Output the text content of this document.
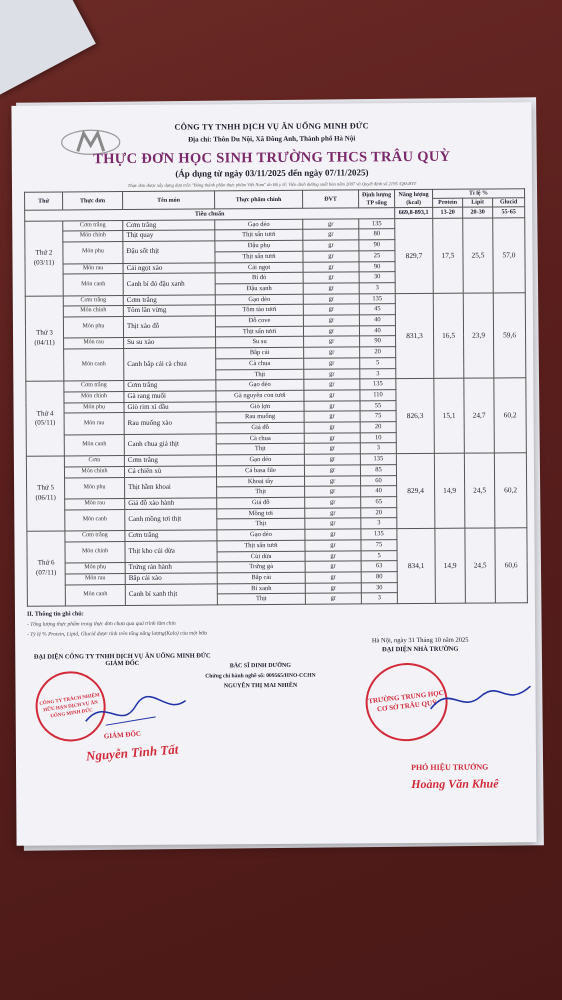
CÔNG TY TNHH DỊCH VỤ ĂN UỐNG MINH ĐỨC
Địa chỉ: Thôn Du Nội, Xã Đông Anh, Thành phố Hà Nội
THỰC ĐƠN HỌC SINH TRƯỜNG THCS TRÂU QUỲ
(Áp dụng từ ngày 03/11/2025 đến ngày 07/11/2025)
Thực đơn được xây dựng dựa trên "Bảng thành phần thực phẩm Việt Nam" do Bộ y tế; Viện dinh dưỡng xuất bản năm 2007 và Quyết định số 2195 /QĐ-BYT
Thứ	Thực đơn	Tên món	Thực phẩm chính	ĐVT	Định lượng TP sống	Năng lượng (kcal)	Tỉ lệ %		
							Protein	Lipit	Glucid
Tiêu chuẩn						669,8-893,1	13-20	20-30	55-65

Thứ 2
(03/11)	Cơm trắng	Cơm trắng	Gạo dẻo	gr	135	829,7	17,5	25,5	57,0
	Món chính	Thịt quay	Thịt sấn tươi	gr	80				
	Món phụ	Đậu sốt thịt	Đậu phụ	gr	90				
			Thịt sấn tươi	gr	25				
	Món rau	Cải ngọt xào	Cải ngọt	gr	90				
	Món canh	Canh bí đỏ đậu xanh	Bí đỏ	gr	30				
			Đậu xanh	gr	3				

Thứ 3
(04/11)	Cơm trắng	Cơm trắng	Gạo dẻo	gr	135	831,3	16,5	23,9	59,6
	Món chính	Tôm lăn vừng	Tôm tảo tươi	gr	45				
	Món phụ	Thịt xào đỗ	Đỗ cove	gr	40				
			Thịt sấn tươi	gr	40				
	Món rau	Su su xào	Su su	gr	90				
	Món canh	Canh bắp cải cà chua	Bắp cải	gr	20				
			Cà chua	gr	5				
			Thịt	gr	3				

Thứ 4
(05/11)	Cơm trắng	Cơm trắng	Gạo dẻo	gr	135	826,3	15,1	24,7	60,2
	Món chính	Gà rang muối	Gà nguyên con tươi	gr	110				
	Món phụ	Giò rim xì dầu	Giò lợn	gr	55				
	Món rau	Rau muống xào	Rau muống	gr	75				
			Giá đỗ	gr	20				
	Món canh	Canh chua giá thịt	Cà chua	gr	10				
			Thịt	gr	3				

Thứ 5
(06/11)	Cơm	Cơm trắng	Gạo dẻo	gr	135	829,4	14,9	24,5	60,2
	Món chính	Cá chiên xù	Cá basa file	gr	85				
	Món phụ	Thịt hầm khoai	Khoai tây	gr	60				
			Thịt	gr	40				
	Món rau	Giá đỗ xào hành	Giá đỗ	gr	65				
	Món canh	Canh mồng tơi thịt	Mồng tơi	gr	20				
			Thịt	gr	3				

Thứ 6
(07/11)	Cơm trắng	Cơm trắng	Gạo dẻo	gr	135	834,1	14,9	24,5	60,6
	Món chính	Thịt kho củi dừa	Thịt sấn tươi	gr	75				
			Cùi dừa	gr	5				
	Món phụ	Trứng rán hành	Trứng gà	gr	63				
	Món rau	Bắp cải xào	Bắp cải	gr	80				
	Món canh	Canh bí xanh thịt	Bí xanh	gr	30				
			Thịt	gr	3				
II. Thông tin ghi chú:
- Tổng lượng thực phẩm trong thực đơn chưa qua quá trình làm chín
- Tỷ lệ % Protein, Lipid, Glucid được tính trên tổng năng lượng(Kalo) của một bữa
Hà Nội, ngày 31 Tháng 10 năm 2025
ĐẠI DIỆN NHÀ TRƯỜNG
ĐẠI DIỆN CÔNG TY TNHH DỊCH VỤ ĂN UỐNG MINH ĐỨC
GIÁM ĐỐC	BÁC SĨ DINH DƯỠNG
Chứng chỉ hành nghề số: 009565/HNO-CCHN
NGUYỄN THỊ MAI NHIÊN
CÔNG TY TRÁCH NHIỆM HỮU HẠN DỊCH VỤ ĂN UỐNG MINH ĐỨC
GIÁM ĐỐC
Nguyễn Tình Tất
TRƯỜNG TRUNG HỌC CƠ SỞ TRÂU QUỲ
PHÓ HIỆU TRƯỞNG
Hoàng Văn Khuê
